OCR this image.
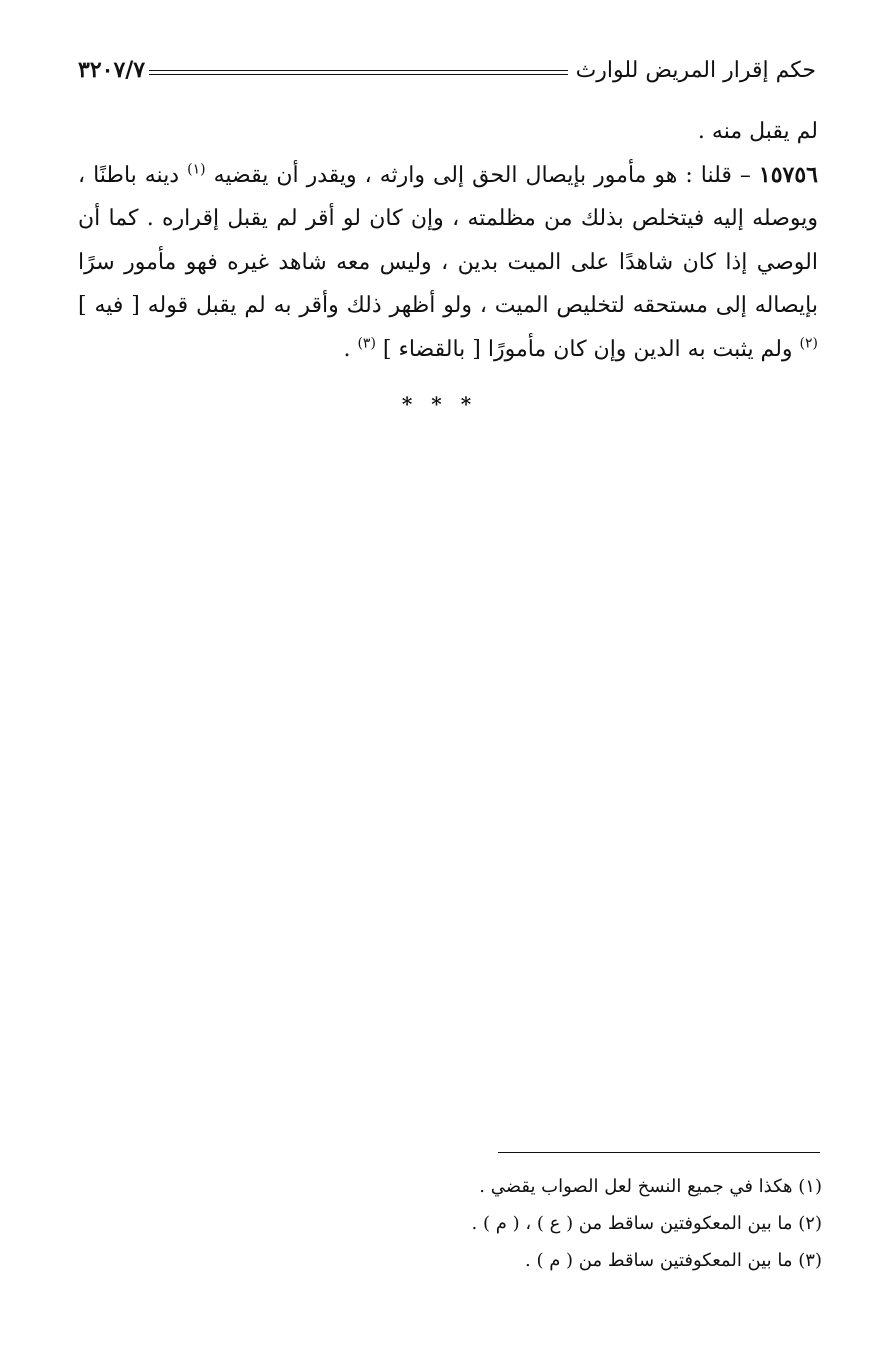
حكم إقرار المريض للوارث
٣٢٠٧/٧

لم يقبل منه .

١٥٧٥٦ – قلنا : هو مأمور بإيصال الحق إلى وارثه ، ويقدر أن يقضيه $^{(١)}$ دينه باطنًا ، ويوصله إليه فيتخلص بذلك من مظلمته ، وإن كان لو أقر لم يقبل إقراره . كما أن الوصي إذا كان شاهدًا على الميت بدين ، وليس معه شاهد غيره فهو مأمور سرًا بإيصاله إلى مستحقه لتخليص الميت ، ولو أظهر ذلك وأقر به لم يقبل قوله [ فيه ] $^{(٢)}$ ولم يثبت به الدين وإن كان مأمورًا [ بالقضاء ] $^{(٣)}$ .

* * *
(١) هكذا في جميع النسخ لعل الصواب يقضي .
(٢) ما بين المعكوفتين ساقط من ( ع ) ، ( م ) .
(٣) ما بين المعكوفتين ساقط من ( م ) .
